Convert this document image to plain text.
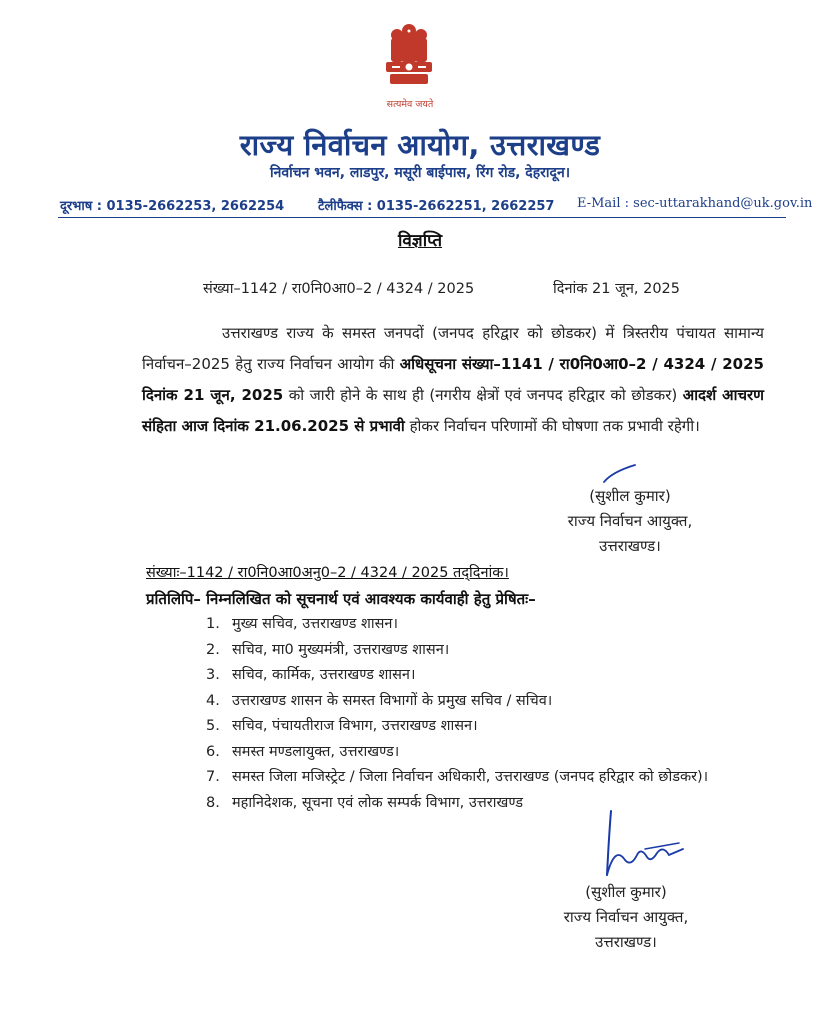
सत्यमेव जयते
राज्य निर्वाचन आयोग, उत्तराखण्ड
निर्वाचन भवन, लाडपुर, मसूरी बाईपास, रिंग रोड, देहरादून।
दूरभाष : 0135-2662253, 2662254	टैलीफैक्स : 0135-2662251, 2662257 E-Mail : sec-uttarakhand@uk.gov.in
विज्ञप्ति
संख्या–1142 / रा0नि0आ0–2 / 4324 / 2025	दिनांक 21 जून, 2025

उत्तराखण्ड राज्य के समस्त जनपदों (जनपद हरिद्वार को छोडकर) में त्रिस्तरीय पंचायत सामान्य निर्वाचन–2025 हेतु राज्य निर्वाचन आयोग की अधिसूचना संख्या–1141 / रा0नि0आ0–2 / 4324 / 2025 दिनांक 21 जून, 2025 को जारी होने के साथ ही (नगरीय क्षेत्रों एवं जनपद हरिद्वार को छोडकर) आदर्श आचरण संहिता आज दिनांक 21.06.2025 से प्रभावी होकर निर्वाचन परिणामों की घोषणा तक प्रभावी रहेगी।

(सुशील कुमार)
राज्य निर्वाचन आयुक्त,
उत्तराखण्ड।
संख्याः–1142 / रा0नि0आ0अनु0–2 / 4324 / 2025 तद्‌दिनांक।
प्रतिलिपि– निम्नलिखित को सूचनार्थ एवं आवश्यक कार्यवाही हेतु प्रेषितः–
1. मुख्य सचिव, उत्तराखण्ड शासन।
2. सचिव, मा0 मुख्यमंत्री, उत्तराखण्ड शासन।
3. सचिव, कार्मिक, उत्तराखण्ड शासन।
4. उत्तराखण्ड शासन के समस्त विभागों के प्रमुख सचिव / सचिव।
5. सचिव, पंचायतीराज विभाग, उत्तराखण्ड शासन।
6. समस्त मण्डलायुक्त, उत्तराखण्ड।
7. समस्त जिला मजिस्ट्रेट / जिला निर्वाचन अधिकारी, उत्तराखण्ड (जनपद हरिद्वार को छोडकर)।
8. महानिदेशक, सूचना एवं लोक सम्पर्क विभाग, उत्तराखण्ड
(सुशील कुमार)
राज्य निर्वाचन आयुक्त,
उत्तराखण्ड।
